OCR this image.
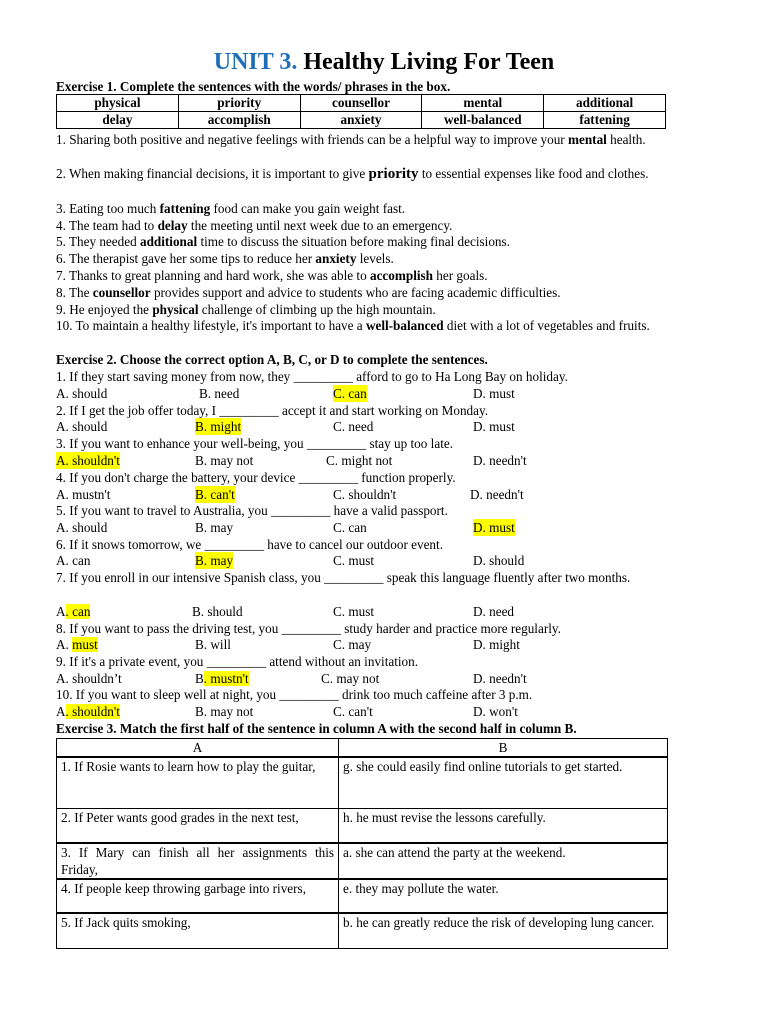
UNIT 3. Healthy Living For Teen
Exercise 1. Complete the sentences with the words/ phrases in the box.
physical	priority	counsellor	mental	additional
delay	accomplish	anxiety	well-balanced	fattening
1. Sharing both positive and negative feelings with friends can be a helpful way to improve your mental health.
2. When making financial decisions, it is important to give priority to essential expenses like food and clothes.
3. Eating too much fattening food can make you gain weight fast.
4. The team had to delay the meeting until next week due to an emergency.
5. They needed additional time to discuss the situation before making final decisions.
6. The therapist gave her some tips to reduce her anxiety levels.
7. Thanks to great planning and hard work, she was able to accomplish her goals.
8. The counsellor provides support and advice to students who are facing academic difficulties.
9. He enjoyed the physical challenge of climbing up the high mountain.
10. To maintain a healthy lifestyle, it's important to have a well-balanced diet with a lot of vegetables and fruits.
Exercise 2. Choose the correct option A, B, C, or D to complete the sentences.
1. If they start saving money from now, they _________ afford to go to Ha Long Bay on holiday.
A. should	B. need	C. can	D. must
2. If I get the job offer today, I _________ accept it and start working on Monday.
A. should	B. might	C. need	D. must
3. If you want to enhance your well-being, you _________ stay up too late.
A. shouldn't	B. may not	C. might not	D. needn't
4. If you don't charge the battery, your device _________ function properly.
A. mustn't	B. can't	C. shouldn't	D. needn't
5. If you want to travel to Australia, you _________ have a valid passport.
A. should	B. may	C. can	D. must
6. If it snows tomorrow, we _________ have to cancel our outdoor event.
A. can	B. may	C. must	D. should
7. If you enroll in our intensive Spanish class, you _________ speak this language fluently after two months.
A. can	B. should	C. must	D. need
8. If you want to pass the driving test, you _________ study harder and practice more regularly.
A. must	B. will	C. may	D. might
9. If it's a private event, you _________ attend without an invitation.
A. shouldn’t	B. mustn't	C. may not	D. needn't
10. If you want to sleep well at night, you _________ drink too much caffeine after 3 p.m.
A. shouldn't	B. may not	C. can't	D. won't
Exercise 3. Match the first half of the sentence in column A with the second half in column B.
A	B
1. If Rosie wants to learn how to play the guitar,	g. she could easily find online tutorials to get started.
2. If Peter wants good grades in the next test,	h. he must revise the lessons carefully.
3. If Mary can finish all her assignments this Friday,	a. she can attend the party at the weekend.
4. If people keep throwing garbage into rivers,	e. they may pollute the water.
5. If Jack quits smoking,	b. he can greatly reduce the risk of developing lung cancer.
